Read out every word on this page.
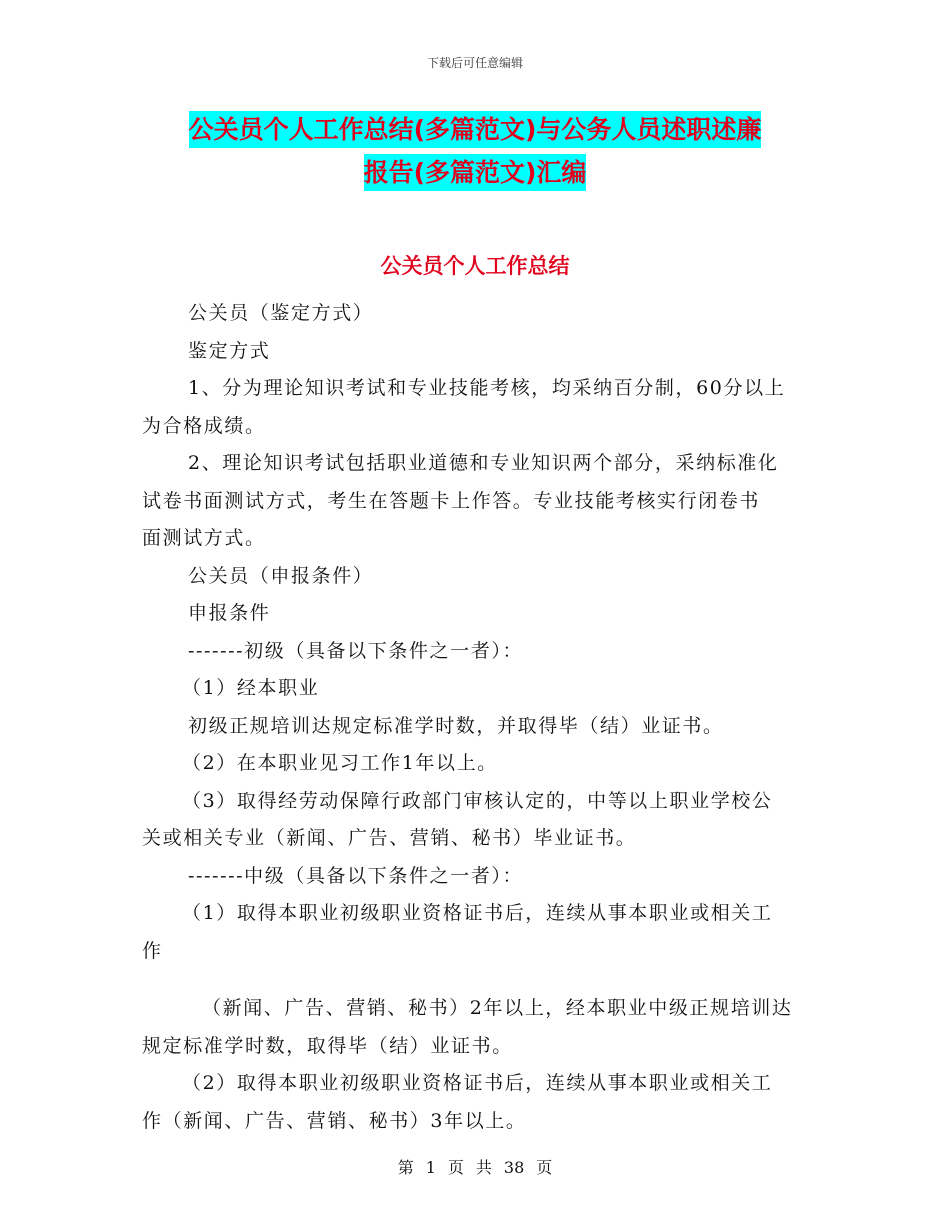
下载后可任意编辑
公关员个人工作总结(多篇范文)与公务人员述职述廉
报告(多篇范文)汇编
公关员个人工作总结
公关员（鉴定方式）
鉴定方式
1、分为理论知识考试和专业技能考核，均采纳百分制，60分以上
为合格成绩。
2、理论知识考试包括职业道德和专业知识两个部分，采纳标准化
试卷书面测试方式，考生在答题卡上作答。专业技能考核实行闭卷书
面测试方式。
公关员（申报条件）
申报条件
-------初级（具备以下条件之一者）：
（1）经本职业
初级正规培训达规定标准学时数，并取得毕（结）业证书。
（2）在本职业见习工作1年以上。
（3）取得经劳动保障行政部门审核认定的，中等以上职业学校公
关或相关专业（新闻、广告、营销、秘书）毕业证书。
-------中级（具备以下条件之一者）：
（1）取得本职业初级职业资格证书后，连续从事本职业或相关工
作
（新闻、广告、营销、秘书）2年以上，经本职业中级正规培训达
规定标准学时数，取得毕（结）业证书。
（2）取得本职业初级职业资格证书后，连续从事本职业或相关工
作（新闻、广告、营销、秘书）3年以上。
第 1 页 共 38 页
